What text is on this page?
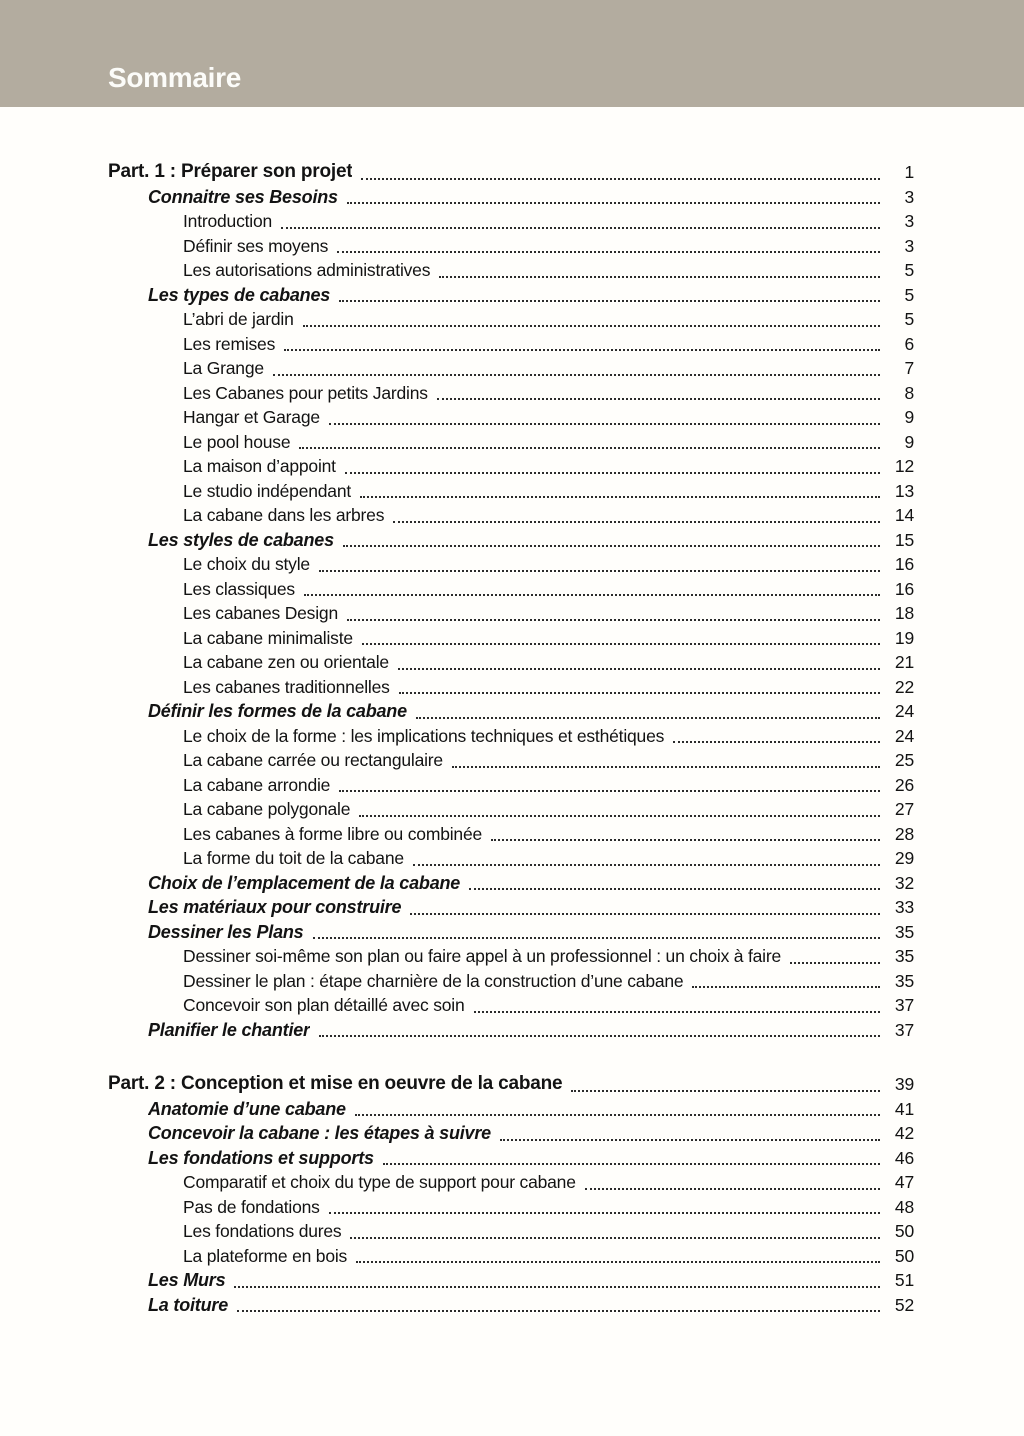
Sommaire
Part. 1 : Préparer son projet	1
Connaitre ses Besoins	3
Introduction	3
Définir ses moyens	3
Les autorisations administratives	5
Les types de cabanes	5
L’abri de jardin	5
Les remises	6
La Grange	7
Les Cabanes pour petits Jardins	8
Hangar et Garage	9
Le pool house	9
La maison d’appoint	12
Le studio indépendant	13
La cabane dans les arbres	14
Les styles de cabanes	15
Le choix du style	16
Les classiques	16
Les cabanes Design	18
La cabane minimaliste	19
La cabane zen ou orientale	21
Les cabanes traditionnelles	22
Définir les formes de la cabane	24
Le choix de la forme : les implications techniques et esthétiques	24
La cabane carrée ou rectangulaire	25
La cabane arrondie	26
La cabane polygonale	27
Les cabanes à forme libre ou combinée	28
La forme du toit de la cabane	29
Choix de l’emplacement de la cabane	32
Les matériaux pour construire	33
Dessiner les Plans	35
Dessiner soi-même son plan ou faire appel à un professionnel : un choix à faire	35
Dessiner le plan : étape charnière de la construction d’une cabane	35
Concevoir son plan détaillé avec soin	37
Planifier le chantier	37
Part. 2 : Conception et mise en oeuvre de la cabane	39
Anatomie d’une cabane	41
Concevoir la cabane : les étapes à suivre	42
Les fondations et supports	46
Comparatif et choix du type de support pour cabane	47
Pas de fondations	48
Les fondations dures	50
La plateforme en bois	50
Les Murs	51
La toiture	52
